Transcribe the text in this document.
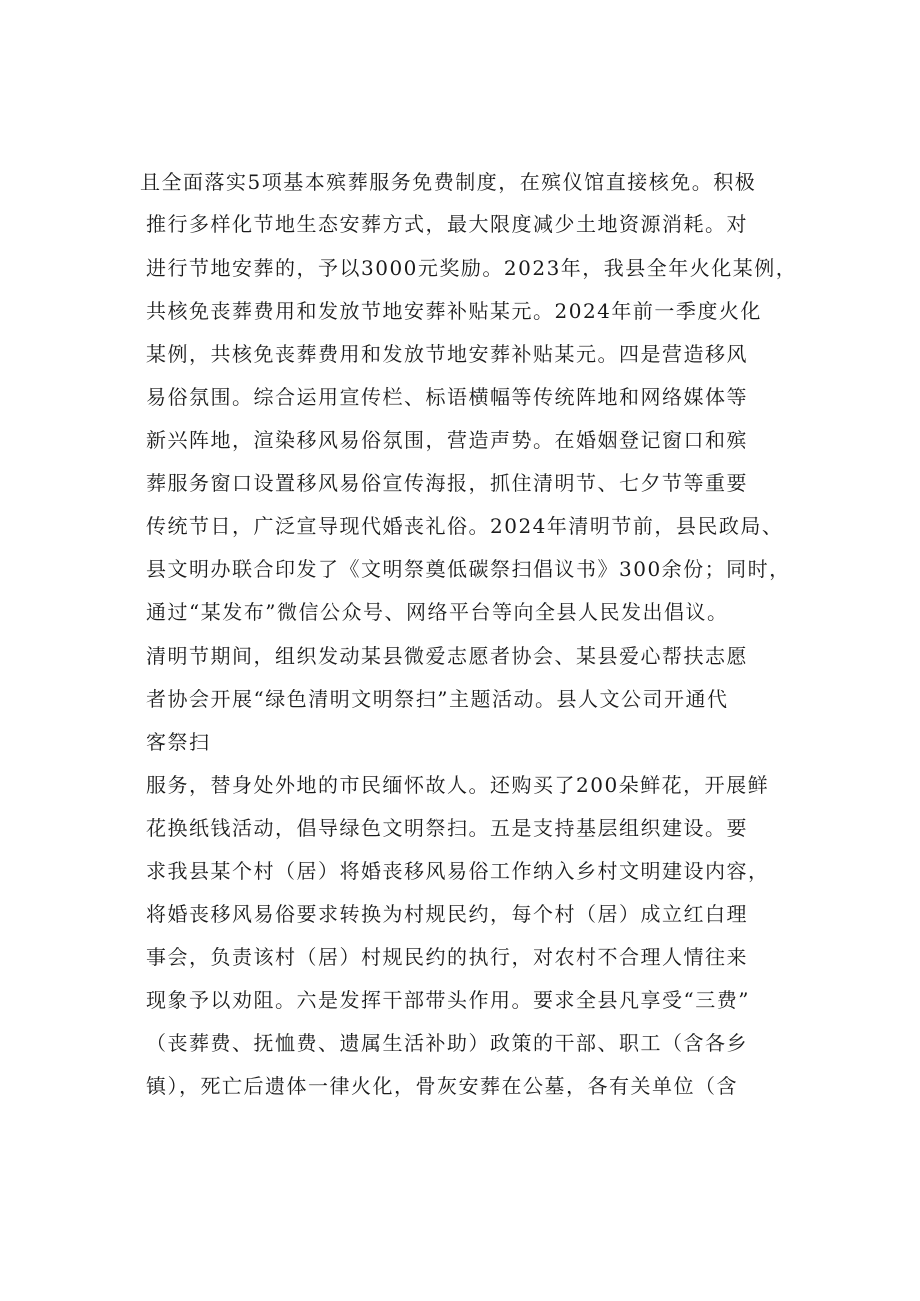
且全面落实5项基本殡葬服务免费制度，在殡仪馆直接核免。积极
推行多样化节地生态安葬方式，最大限度减少土地资源消耗。对
进行节地安葬的，予以3000元奖励。2023年，我县全年火化某例，
共核免丧葬费用和发放节地安葬补贴某元。2024年前一季度火化
某例，共核免丧葬费用和发放节地安葬补贴某元。四是营造移风
易俗氛围。综合运用宣传栏、标语横幅等传统阵地和网络媒体等
新兴阵地，渲染移风易俗氛围，营造声势。在婚姻登记窗口和殡
葬服务窗口设置移风易俗宣传海报，抓住清明节、七夕节等重要
传统节日，广泛宣导现代婚丧礼俗。2024年清明节前，县民政局、
县文明办联合印发了《文明祭奠低碳祭扫倡议书》300余份；同时，
通过“某发布”微信公众号、网络平台等向全县人民发出倡议。
清明节期间，组织发动某县微爱志愿者协会、某县爱心帮扶志愿
者协会开展“绿色清明文明祭扫”主题活动。县人文公司开通代
客祭扫
服务，替身处外地的市民缅怀故人。还购买了200朵鲜花，开展鲜
花换纸钱活动，倡导绿色文明祭扫。五是支持基层组织建设。要
求我县某个村（居）将婚丧移风易俗工作纳入乡村文明建设内容，
将婚丧移风易俗要求转换为村规民约，每个村（居）成立红白理
事会，负责该村（居）村规民约的执行，对农村不合理人情往来
现象予以劝阻。六是发挥干部带头作用。要求全县凡享受“三费”
（丧葬费、抚恤费、遗属生活补助）政策的干部、职工（含各乡
镇），死亡后遗体一律火化，骨灰安葬在公墓，各有关单位（含
